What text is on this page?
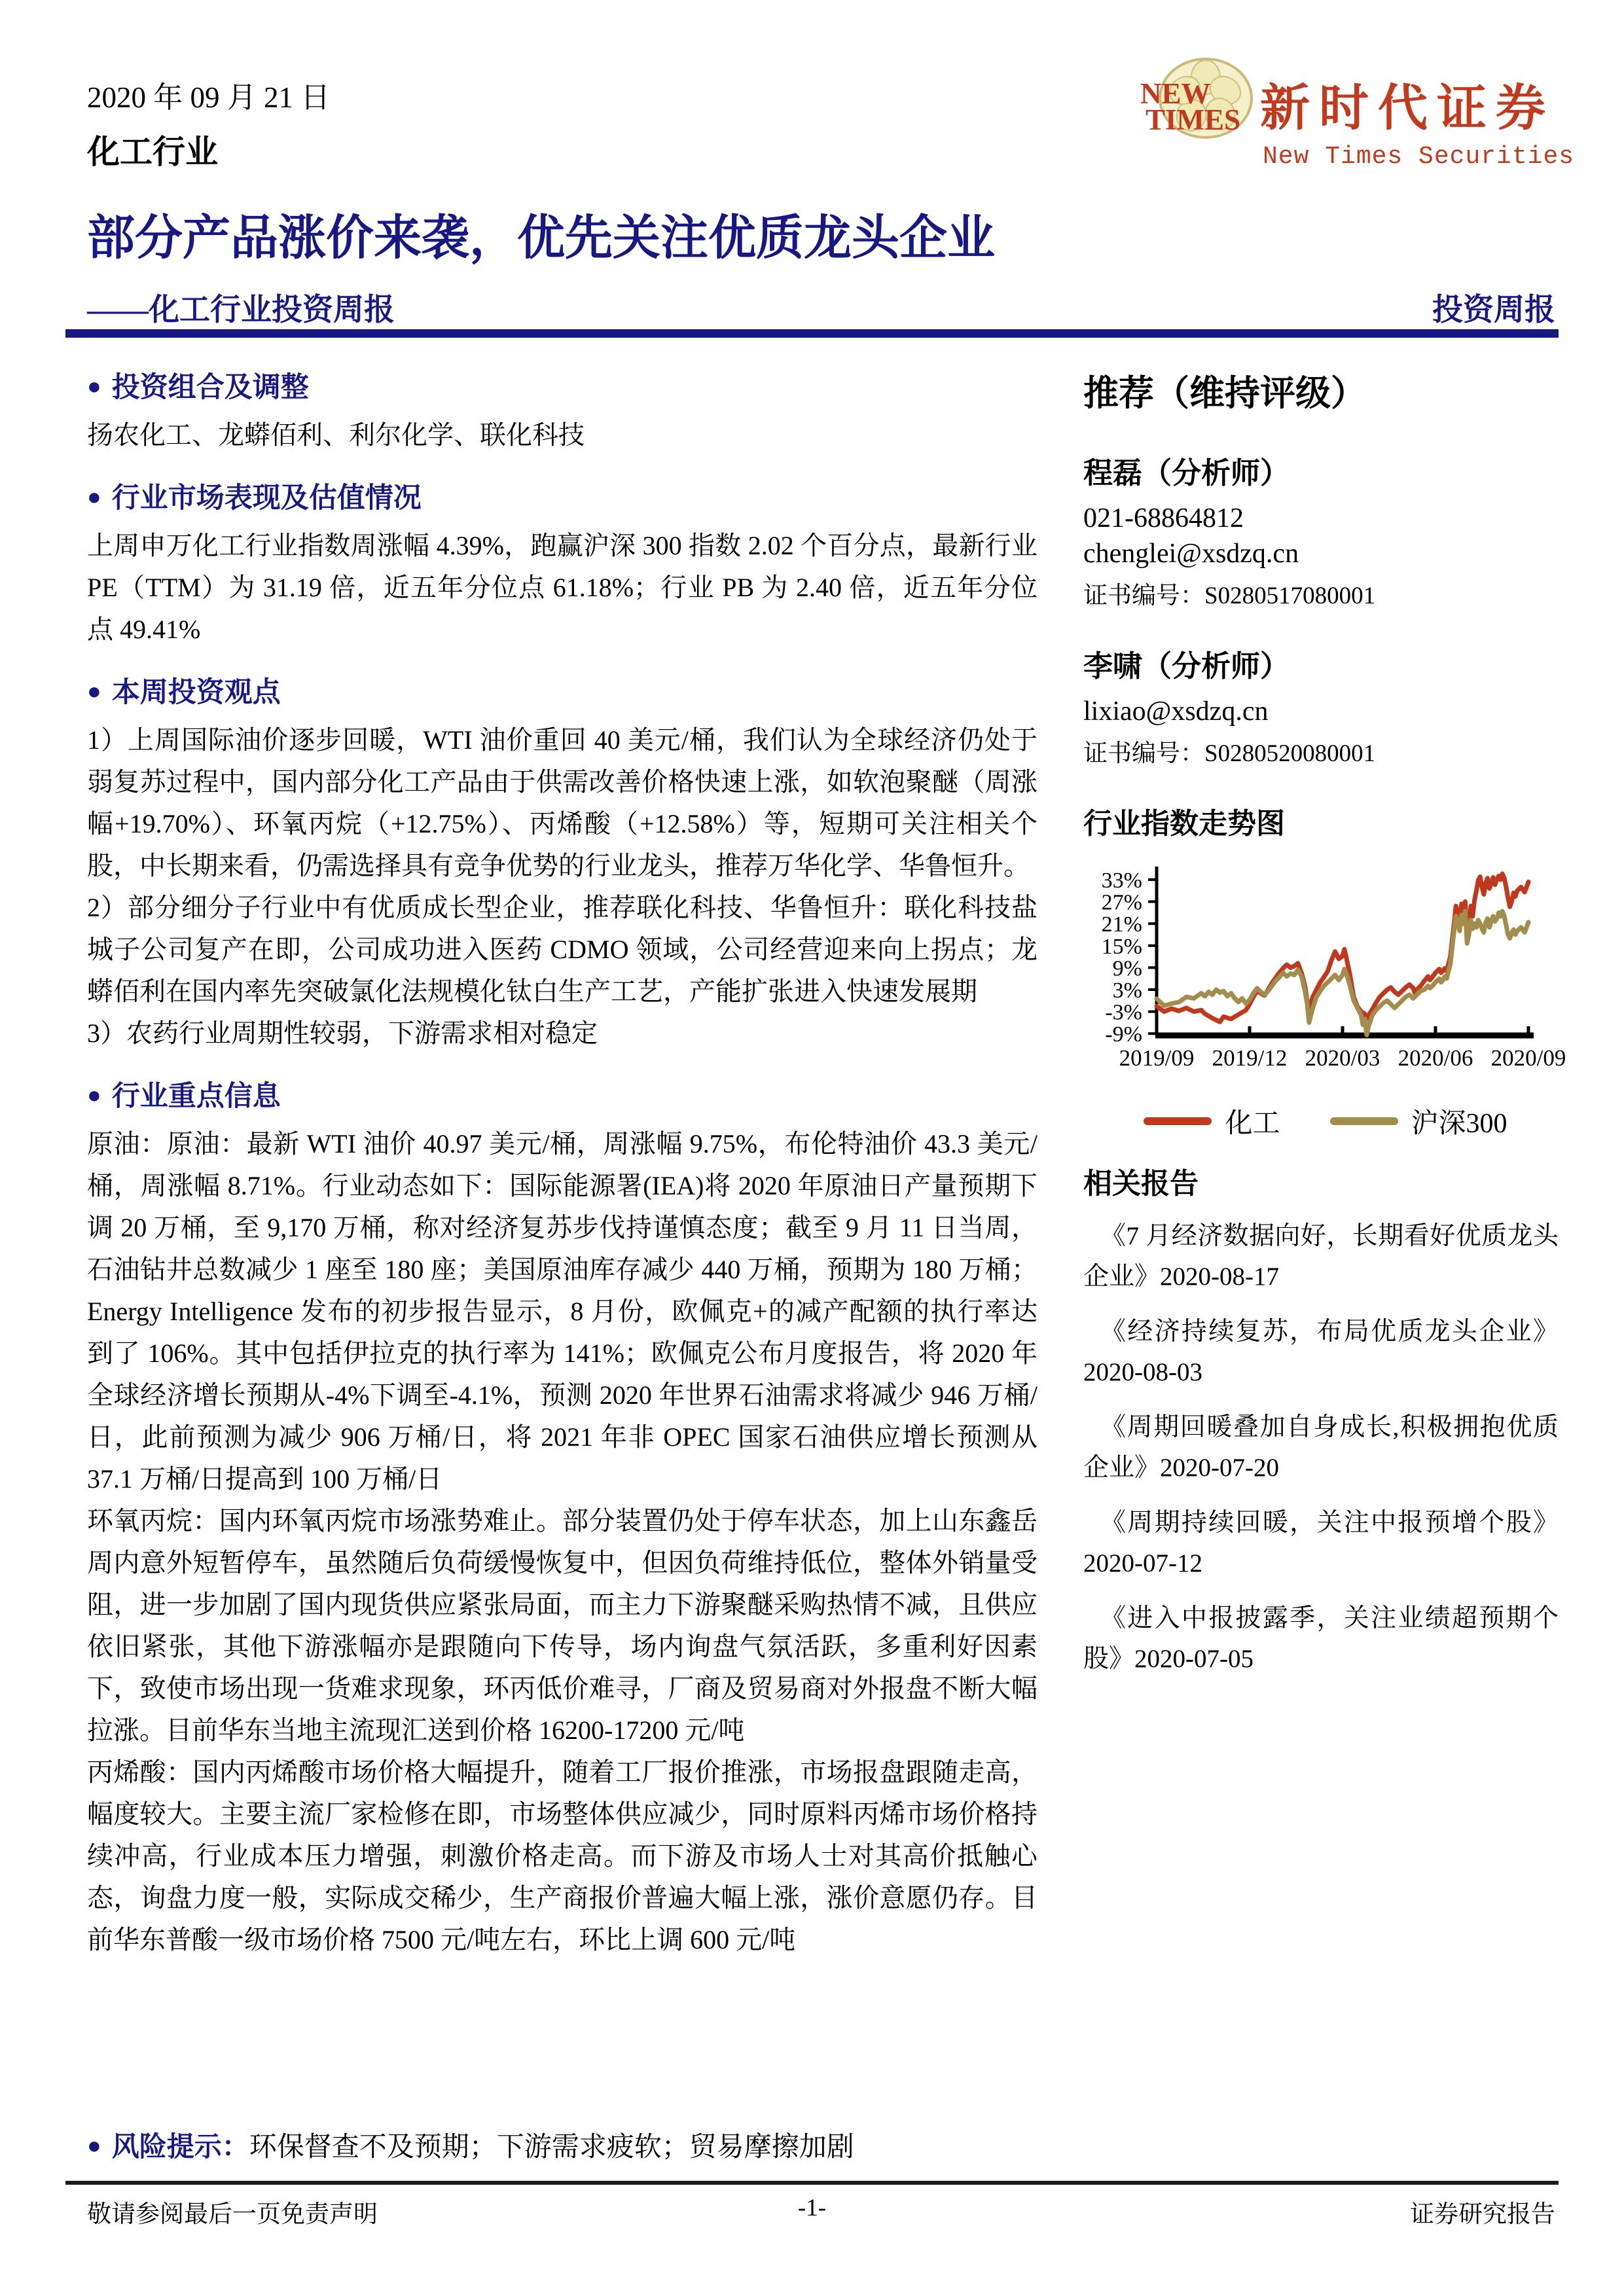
2020 年 09 月 21 日
化工行业
NEW
TIMES 新时代证券
New Times Securities
部分产品涨价来袭，优先关注优质龙头企业
——化工行业投资周报	投资周报
● 投资组合及调整

扬农化工、龙蟒佰利、利尔化学、联化科技

● 行业市场表现及估值情况

上周申万化工行业指数周涨幅 4.39%，跑赢沪深 300 指数 2.02 个百分点，最新行业 PE（TTM）为 31.19 倍，近五年分位点 61.18%；行业 PB 为 2.40 倍，近五年分位点 49.41%

● 本周投资观点

1）上周国际油价逐步回暖，WTI 油价重回 40 美元/桶，我们认为全球经济仍处于弱复苏过程中，国内部分化工产品由于供需改善价格快速上涨，如软泡聚醚（周涨幅+19.70%）、环氧丙烷（+12.75%）、丙烯酸（+12.58%）等，短期可关注相关个股，中长期来看，仍需选择具有竞争优势的行业龙头，推荐万华化学、华鲁恒升。

2）部分细分子行业中有优质成长型企业，推荐联化科技、华鲁恒升：联化科技盐城子公司复产在即，公司成功进入医药 CDMO 领域，公司经营迎来向上拐点；龙蟒佰利在国内率先突破氯化法规模化钛白生产工艺，产能扩张进入快速发展期

3）农药行业周期性较弱，下游需求相对稳定

● 行业重点信息

原油：原油：最新 WTI 油价 40.97 美元/桶，周涨幅 9.75%，布伦特油价 43.3 美元/桶，周涨幅 8.71%。行业动态如下：国际能源署(IEA)将 2020 年原油日产量预期下调 20 万桶，至 9,170 万桶，称对经济复苏步伐持谨慎态度；截至 9 月 11 日当周，石油钻井总数减少 1 座至 180 座；美国原油库存减少 440 万桶，预期为 180 万桶；Energy Intelligence 发布的初步报告显示，8 月份，欧佩克+的减产配额的执行率达到了 106%。其中包括伊拉克的执行率为 141%；欧佩克公布月度报告，将 2020 年全球经济增长预期从-4%下调至-4.1%，预测 2020 年世界石油需求将减少 946 万桶/日，此前预测为减少 906 万桶/日，将 2021 年非 OPEC 国家石油供应增长预测从 37.1 万桶/日提高到 100 万桶/日

环氧丙烷：国内环氧丙烷市场涨势难止。部分装置仍处于停车状态，加上山东鑫岳周内意外短暂停车，虽然随后负荷缓慢恢复中，但因负荷维持低位，整体外销量受阻，进一步加剧了国内现货供应紧张局面，而主力下游聚醚采购热情不减，且供应依旧紧张，其他下游涨幅亦是跟随向下传导，场内询盘气氛活跃，多重利好因素下，致使市场出现一货难求现象，环丙低价难寻，厂商及贸易商对外报盘不断大幅拉涨。目前华东当地主流现汇送到价格 16200-17200 元/吨

丙烯酸：国内丙烯酸市场价格大幅提升，随着工厂报价推涨，市场报盘跟随走高，幅度较大。主要主流厂家检修在即，市场整体供应减少，同时原料丙烯市场价格持续冲高，行业成本压力增强，刺激价格走高。而下游及市场人士对其高价抵触心态，询盘力度一般，实际成交稀少，生产商报价普遍大幅上涨，涨价意愿仍存。目前华东普酸一级市场价格 7500 元/吨左右，环比上调 600 元/吨

● 风险提示：环保督查不及预期；下游需求疲软；贸易摩擦加剧
推荐（维持评级）
程磊（分析师）
021-68864812
chenglei@xsdzq.cn
证书编号：S0280517080001
李啸（分析师）
lixiao@xsdzq.cn
证书编号：S0280520080001
行业指数走势图
33%
27%
21%
15%
9%
3%
-3%
-9%
2019/09 2019/12 2020/03 2020/06 2020/09
化工	沪深300
相关报告
《7 月经济数据向好，长期看好优质龙头企业》2020-08-17
《经济持续复苏，布局优质龙头企业》2020-08-03
《周期回暖叠加自身成长,积极拥抱优质企业》2020-07-20
《周期持续回暖，关注中报预增个股》2020-07-12
《进入中报披露季，关注业绩超预期个股》2020-07-05
敬请参阅最后一页免责声明	-1-	证券研究报告
